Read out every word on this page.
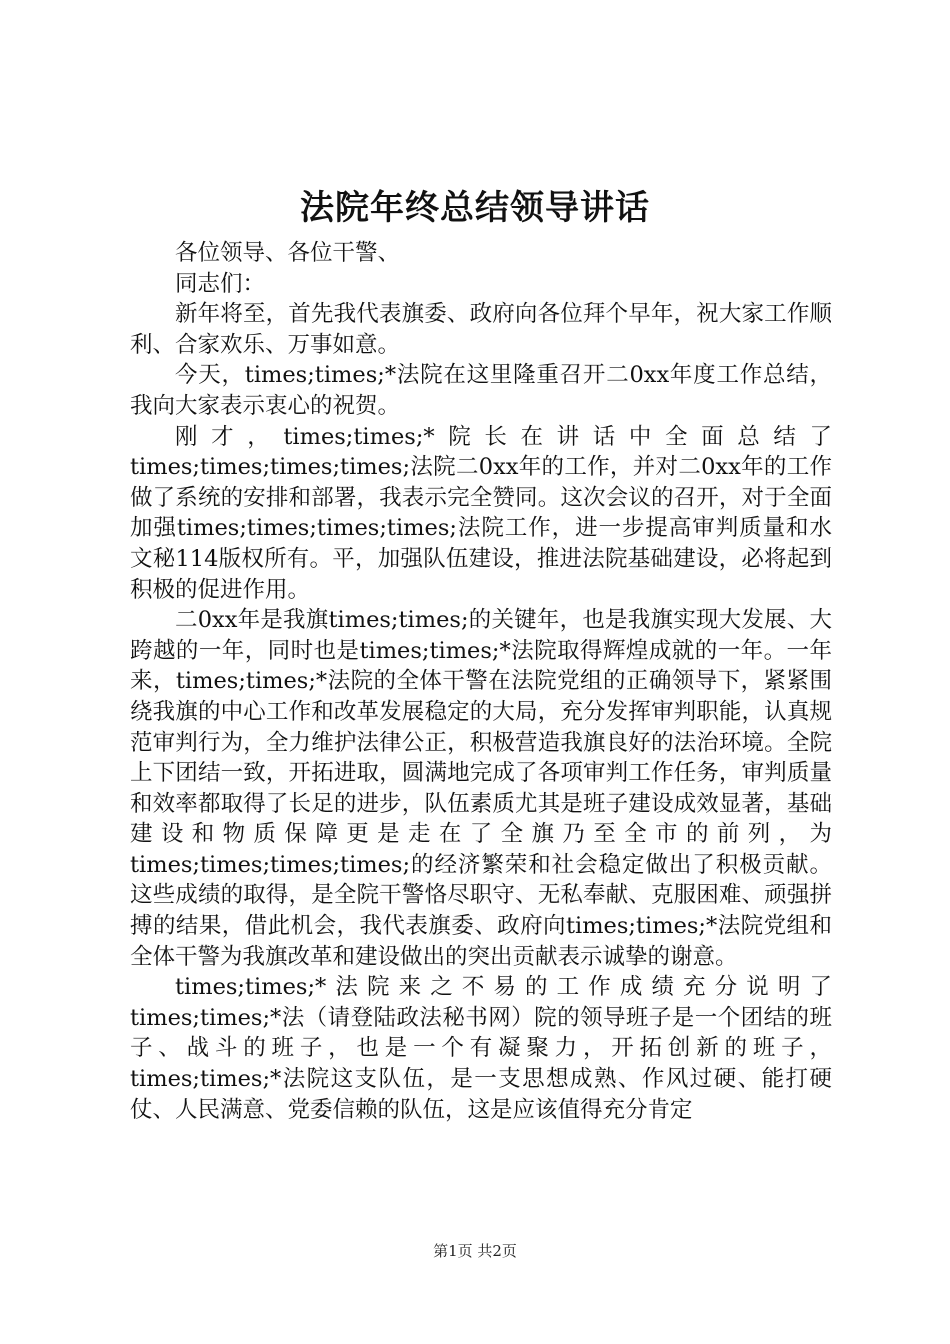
法院年终总结领导讲话

各位领导、各位干警、

同志们：

新年将至，首先我代表旗委、政府向各位拜个早年，祝大家工作顺利、合家欢乐、万事如意。

今天，times;times;*法院在这里隆重召开二0xx年度工作总结，我向大家表示衷心的祝贺。

刚才，times;times;*院长在讲话中全面总结了times;times;times;times;法院二0xx年的工作，并对二0xx年的工作做了系统的安排和部署，我表示完全赞同。这次会议的召开，对于全面加强times;times;times;times;法院工作，进一步提高审判质量和水文秘114版权所有。平，加强队伍建设，推进法院基础建设，必将起到积极的促进作用。

二0xx年是我旗times;times;的关键年，也是我旗实现大发展、大跨越的一年，同时也是times;times;*法院取得辉煌成就的一年。一年来，times;times;*法院的全体干警在法院党组的正确领导下，紧紧围绕我旗的中心工作和改革发展稳定的大局，充分发挥审判职能，认真规范审判行为，全力维护法律公正，积极营造我旗良好的法治环境。全院上下团结一致，开拓进取，圆满地完成了各项审判工作任务，审判质量和效率都取得了长足的进步，队伍素质尤其是班子建设成效显著，基础建设和物质保障更是走在了全旗乃至全市的前列，为times;times;times;times;的经济繁荣和社会稳定做出了积极贡献。这些成绩的取得，是全院干警恪尽职守、无私奉献、克服困难、顽强拼搏的结果，借此机会，我代表旗委、政府向times;times;*法院党组和全体干警为我旗改革和建设做出的突出贡献表示诚挚的谢意。

times;times;*法院来之不易的工作成绩充分说明了times;times;*法（请登陆政法秘书网）院的领导班子是一个团结的班子、战斗的班子，也是一个有凝聚力，开拓创新的班子，times;times;*法院这支队伍，是一支思想成熟、作风过硬、能打硬仗、人民满意、党委信赖的队伍，这是应该值得充分肯定

第1页 共2页
